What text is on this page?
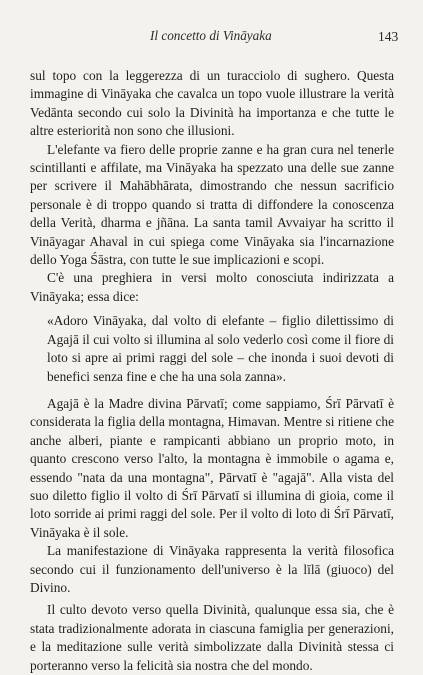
Il concetto di Vināyaka	143

sul topo con la leggerezza di un turacciolo di sughero. Questa immagine di Vināyaka che cavalca un topo vuole illustrare la verità Vedānta secondo cui solo la Divinità ha importanza e che tutte le altre esteriorità non sono che illusioni.

L'elefante va fiero delle proprie zanne e ha gran cura nel tenerle scintillanti e affilate, ma Vināyaka ha spezzato una delle sue zanne per scrivere il Mahābhārata, dimostrando che nessun sacrificio personale è di troppo quando si tratta di diffondere la conoscenza della Verità, dharma e jñāna. La santa tamil Avvaiyar ha scritto il Vināyagar Ahaval in cui spiega come Vināyaka sia l'incarnazione dello Yoga Śāstra, con tutte le sue implicazioni e scopi.

C'è una preghiera in versi molto conosciuta indirizzata a Vināyaka; essa dice:

«Adoro Vināyaka, dal volto di elefante – figlio dilettissimo di Agajā il cui volto si illumina al solo vederlo così come il fiore di loto si apre ai primi raggi del sole – che inonda i suoi devoti di benefici senza fine e che ha una sola zanna».

Agajā è la Madre divina Pārvatī; come sappiamo, Śrī Pārvatī è considerata la figlia della montagna, Himavan. Mentre si ritiene che anche alberi, piante e rampicanti abbiano un proprio moto, in quanto crescono verso l'alto, la montagna è immobile o agama e, essendo "nata da una montagna", Pārvatī è "agajā". Alla vista del suo diletto figlio il volto di Śrī Pārvatī si illumina di gioia, come il loto sorride ai primi raggi del sole. Per il volto di loto di Śrī Pārvatī, Vināyaka è il sole.

La manifestazione di Vināyaka rappresenta la verità filosofica secondo cui il funzionamento dell'universo è la līlā (giuoco) del Divino.

Il culto devoto verso quella Divinità, qualunque essa sia, che è stata tradizionalmente adorata in ciascuna famiglia per generazioni, e la meditazione sulle verità simbolizzate dalla Divinità stessa ci porteranno verso la felicità sia nostra che del mondo.
